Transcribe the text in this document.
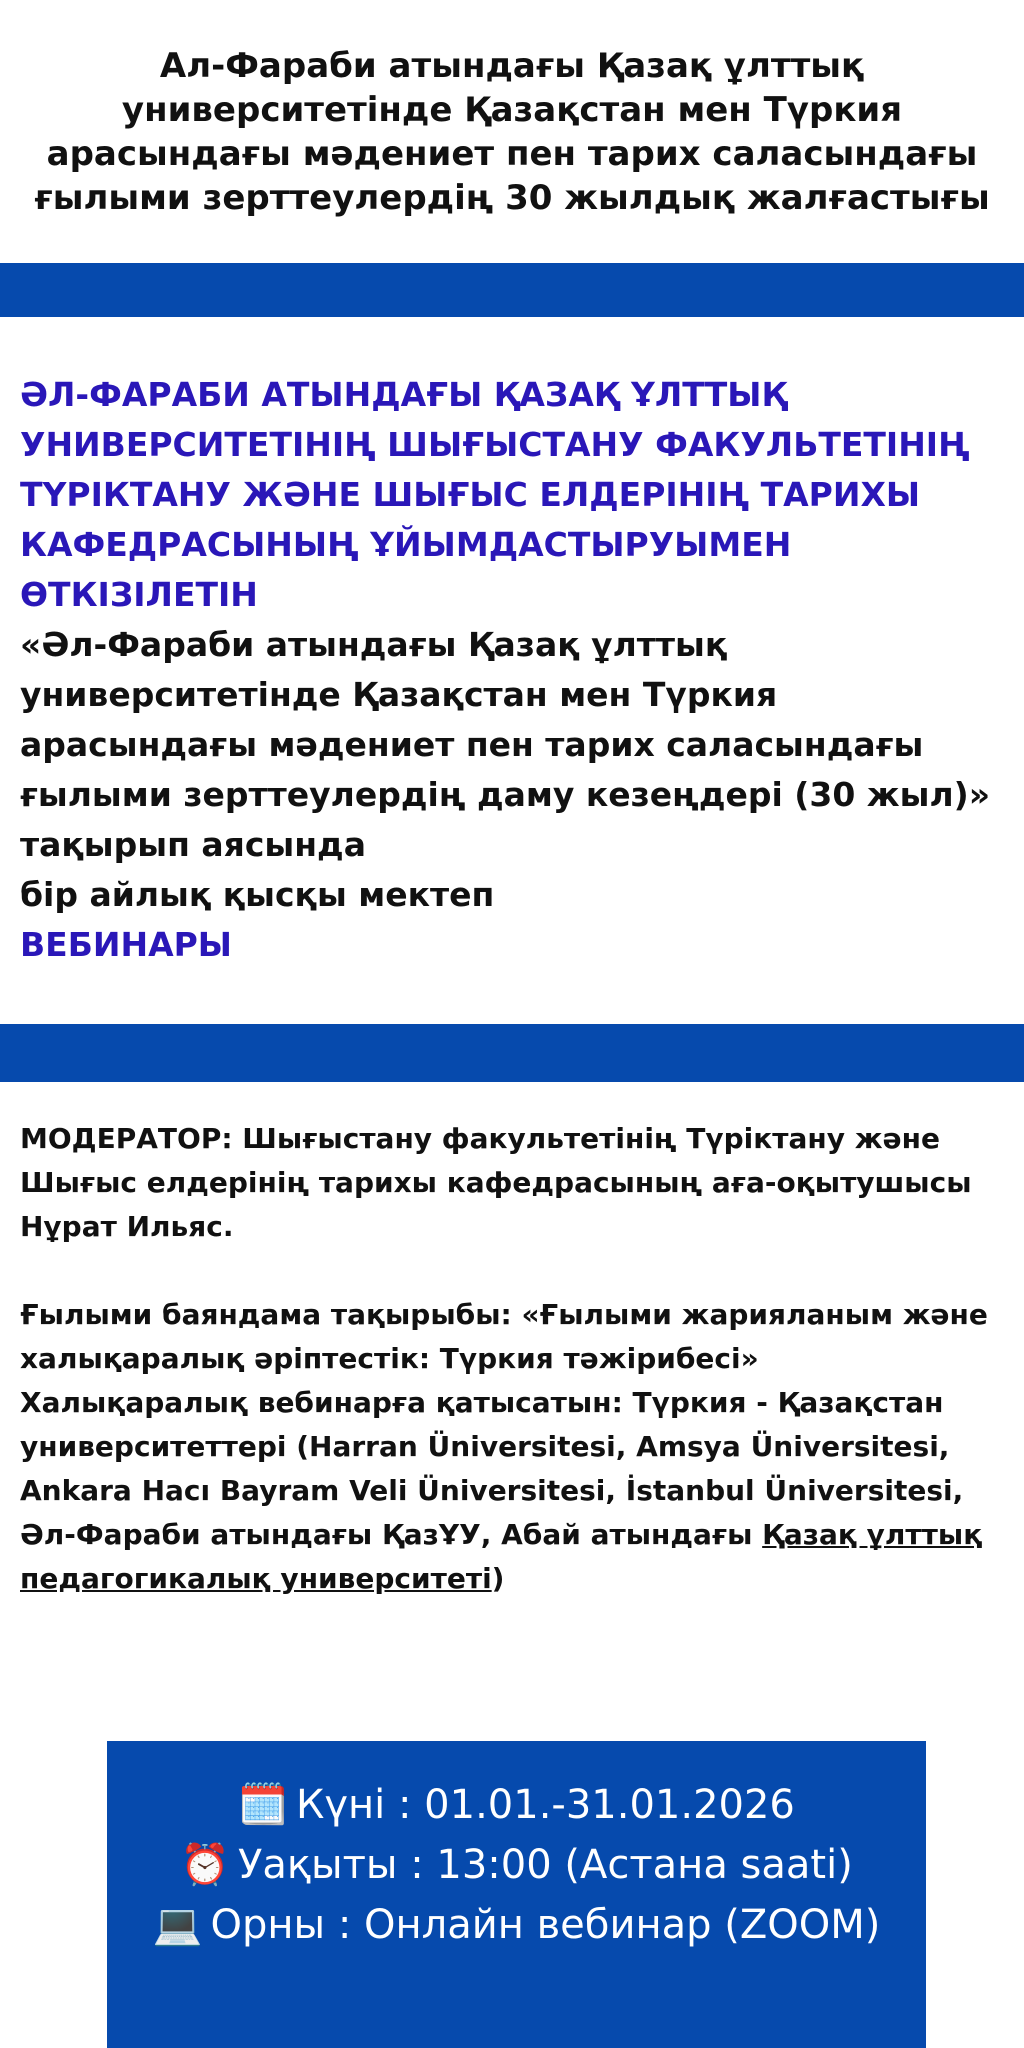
Ал-Фараби атындағы Қазақ ұлттық университетінде Қазақстан мен Түркия арасындағы мәдениет пен тарих саласындағы ғылыми зерттеулердің 30 жылдық жалғастығы
ӘЛ-ФАРАБИ АТЫНДАҒЫ ҚАЗАҚ ҰЛТТЫҚ УНИВЕРСИТЕТІНІҢ ШЫҒЫСТАНУ ФАКУЛЬТЕТІНІҢ ТҮРІКТАНУ ЖӘНЕ ШЫҒЫС ЕЛДЕРІНІҢ ТАРИХЫ КАФЕДРАСЫНЫҢ ҰЙЫМДАСТЫРУЫМЕН ӨТКІЗІЛЕТІН
«Әл-Фараби атындағы Қазақ ұлттық университетінде Қазақстан мен Түркия арасындағы мәдениет пен тарих саласындағы ғылыми зерттеулердің даму кезеңдері (30 жыл)»
тақырып аясында
бір айлық қысқы мектеп
ВЕБИНАРЫ

МОДЕРАТОР: Шығыстану факультетінің Түріктану және Шығыс елдерінің тарихы кафедрасының аға-оқытушысы Нұрат Ильяс.

Ғылыми баяндама тақырыбы: «Ғылыми жарияланым және халықаралық әріптестік: Түркия тәжірибесі»

Халықаралық вебинарға қатысатын: Түркия - Қазақстан университеттері (Harran Üniversitesi, Amsya Üniversitesi, Ankara Hacı Bayram Veli Üniversitesi, İstanbul Üniversitesi, Әл-Фараби атындағы ҚазҰУ, Абай атындағы Қазақ ұлттық педагогикалық университеті)

🗓️ Күні : 01.01.-31.01.2026
⏰ Уақыты : 13:00 (Астана saati)
💻 Орны : Онлайн вебинар (ZOOM)
